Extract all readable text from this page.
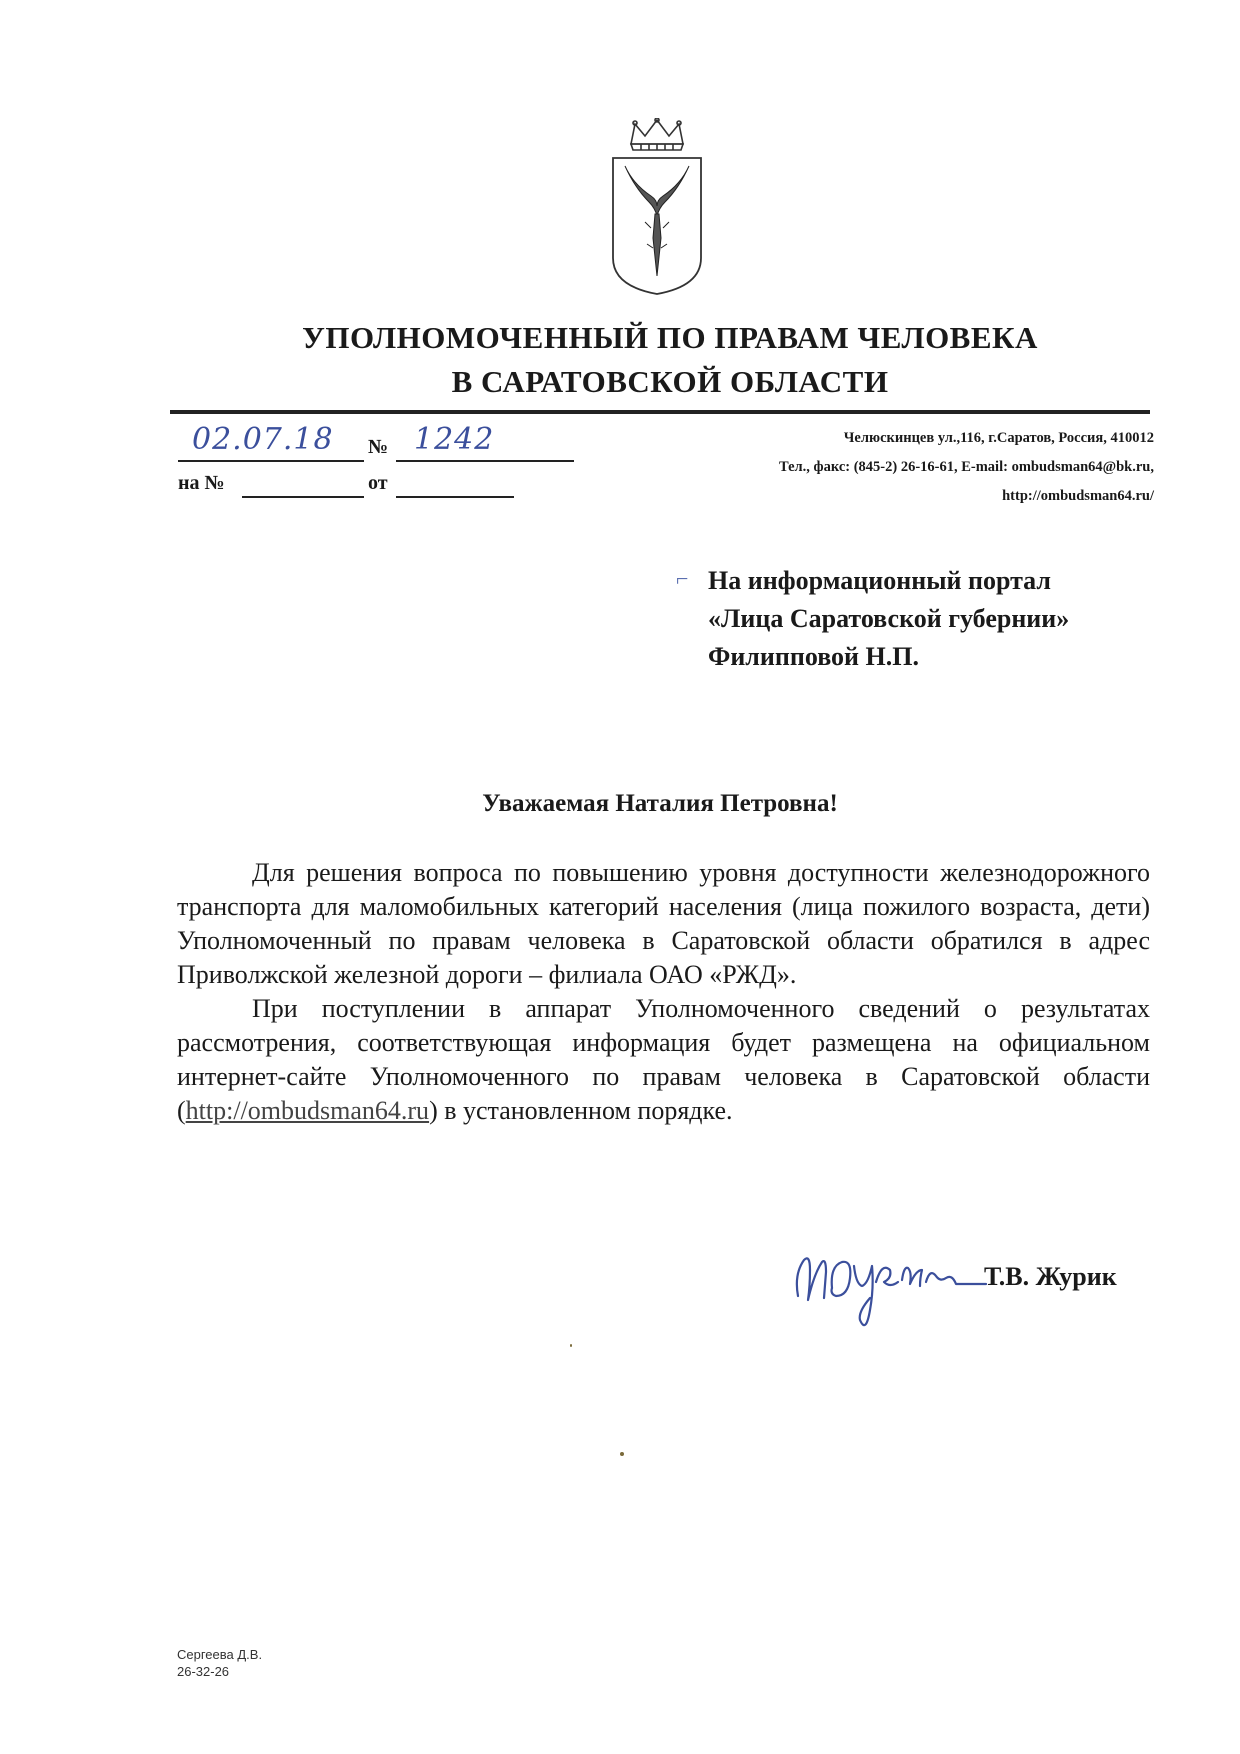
УПОЛНОМОЧЕННЫЙ ПО ПРАВАМ ЧЕЛОВЕКА
В САРАТОВСКОЙ ОБЛАСТИ
02.07.18 № 1242
на №	от
Челюскинцев ул.,116, г.Саратов, Россия, 410012
Тел., факс: (845-2) 26-16-61, E-mail: ombudsman64@bk.ru,
http://ombudsman64.ru/
⌐ На информационный портал
«Лица Саратовской губернии»
Филипповой Н.П.
Уважаемая Наталия Петровна!

Для решения вопроса по повышению уровня доступности железнодорожного транспорта для маломобильных категорий населения (лица пожилого возраста, дети) Уполномоченный по правам человека в Саратовской области обратился в адрес Приволжской железной дороги – филиала ОАО «РЖД».

При поступлении в аппарат Уполномоченного сведений о результатах рассмотрения, соответствующая информация будет размещена на официальном интернет-сайте Уполномоченного по правам человека в Саратовской области (http://ombudsman64.ru) в установленном порядке.

Т.В. Журик
Сергеева Д.В.
26-32-26
